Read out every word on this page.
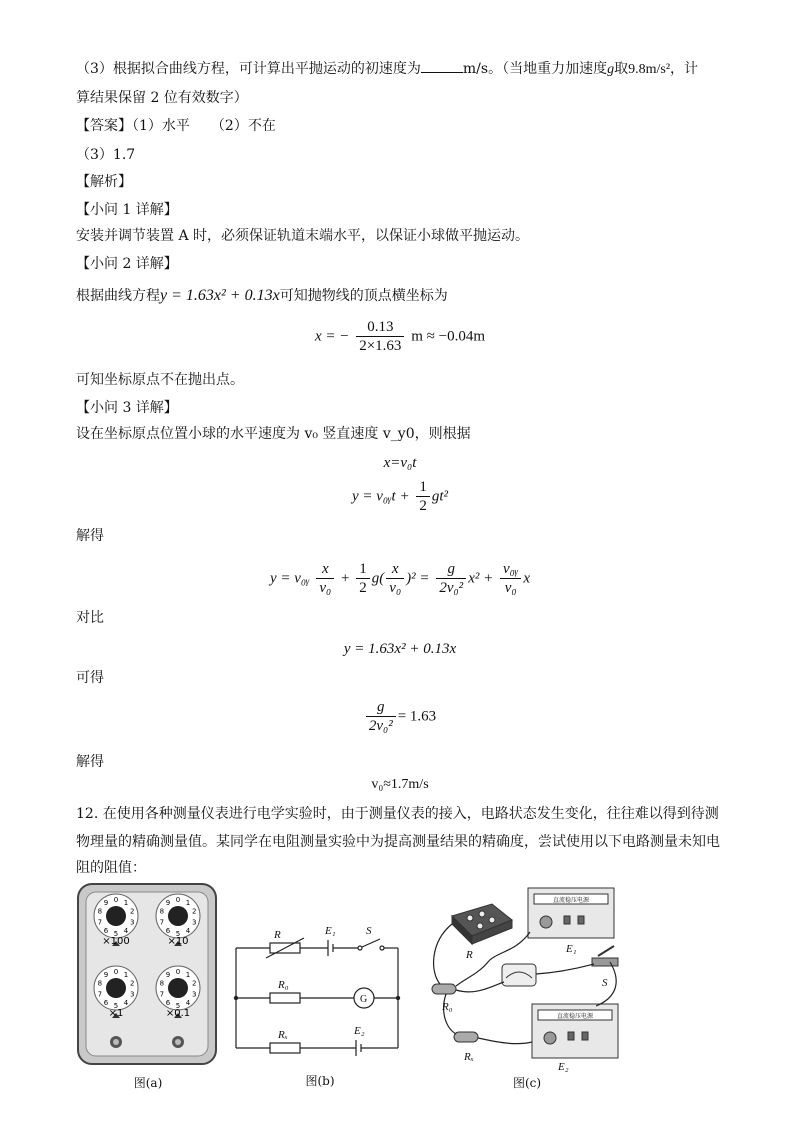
（3）根据拟合曲线方程，可计算出平抛运动的初速度为	m/s。（当地重力加速度g取9.8m/s²，计
算结果保留 2 位有效数字）
【答案】（1）水平　　（2）不在
（3）1.7
【解析】
【小问 1 详解】
安装并调节装置 A 时，必须保证轨道末端水平，以保证小球做平抛运动。
【小问 2 详解】
根据曲线方程y = 1.63x² + 0.13x可知抛物线的顶点横坐标为
x = − $\frac{0.13}{2\times 1.63}$ m ≈ −0.04m
可知坐标原点不在抛出点。
【小问 3 详解】
设在坐标原点位置小球的水平速度为 v₀ 竖直速度 v_y0，则根据
x=v₀t
y = v₀ᵧt + $\frac{1}{2} gt^2$
解得
y = v₀ᵧ $\frac{x}{\text{v₀}} + \frac{1}{2} g( \frac{x}{\text{v₀}} )^2 = \frac{g}{\text{2v₀²}} x^2 + \frac{\text{v₀ᵧ}}{\text{v₀}}$ x
对比
y = 1.63x² + 0.13x
可得
$\frac{g}{\text{2v₀²}} = 1.63$
解得
v₀≈1.7m/s
12. 在使用各种测量仪表进行电学实验时，由于测量仪表的接入，电路状态发生变化，往往难以得到待测
物理量的精确测量值。某同学在电阻测量实验中为提高测量结果的精确度，尝试使用以下电路测量未知电
阻的阻值：
0 1
2
3
4
5
6
7
8
9	0 1
2
3
4
5
6
7
8
9
0 1
2
3
4
5
6
7
8
9	0 1
2
3
4
5
6
7
8
9
×100	×10
×1	×0.1
图(a)
R	E₁	S
R₀
G
Rₓ	E₂
图(b)
R	E₁
S
R₀
Rₓ
E₂
直流稳压电源
直流稳压电源
图(c)
